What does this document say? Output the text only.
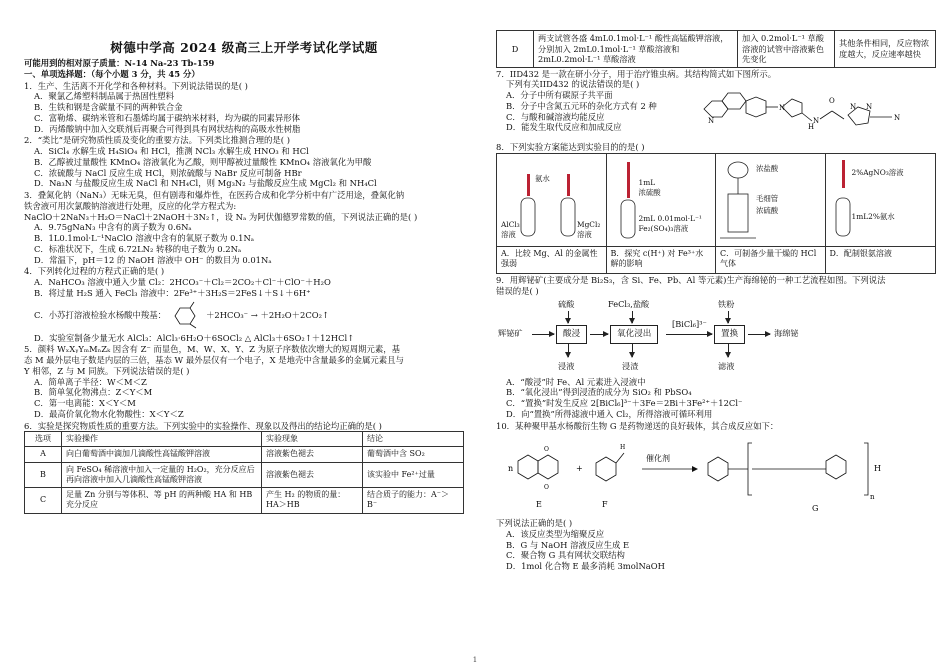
树德中学高 2024 级高三上开学考试化学试题

可能用到的相对原子质量：N-14 Na-23 Tb-159

一、单项选择题：（每个小题 3 分，共 45 分）

1．生产、生活离不开化学和各种材料。下列说法错误的是( )

A．聚氯乙烯塑料制品属于热固性塑料

B．生铁和钢是含碳量不同的两种铁合金

C．富勒烯、碳纳米管和石墨烯均属于碳纳米材料，均为碳的同素异形体

D．丙烯酸钠中加入交联剂后再聚合可得到具有网状结构的高吸水性树脂

2．“类比”是研究物质性质及变化的重要方法。下列类比推测合理的是( )

A．SiCl₄ 水解生成 H₄SiO₄ 和 HCl，推测 NCl₃ 水解生成 HNO₃ 和 HCl

B．乙醇被过量酸性 KMnO₄ 溶液氧化为乙酸，则甲醇被过量酸性 KMnO₄ 溶液氧化为甲酸

C．浓硫酸与 NaCl 反应生成 HCl，则浓硫酸与 NaBr 反应可制备 HBr

D．Na₃N 与盐酸反应生成 NaCl 和 NH₄Cl，则 Mg₃N₂ 与盐酸反应生成 MgCl₂ 和 NH₄Cl

3．叠氮化钠（NaN₃）无味无臭，但有剧毒和爆炸性，在医药合成和化学分析中有广泛用途，叠氮化钠

铁舍液可用次氯酸钠溶液进行处理，反应的化学方程式为:

NaClO＋2NaN₃＋H₂O＝NaCl＋2NaOH＋3N₂↑，设 Nₐ 为阿伏伽德罗常数的值，下列说法正确的是( )

A．9.75gNaN₃ 中含有的离子数为 0.6Nₐ

B．1L0.1mol·L⁻¹NaClO 溶液中含有的氧原子数为 0.1Nₐ

C．标准状况下，生成 6.72LN₂ 转移的电子数为 0.2Nₐ

D．常温下，pH＝12 的 NaOH 溶液中 OH⁻ 的数目为 0.01Nₐ

4．下列转化过程的方程式正确的是( )

A．NaHCO₃ 溶液中通入少量 Cl₂：2HCO₃⁻＋Cl₂＝2CO₂＋Cl⁻＋ClO⁻＋H₂O

B．将过量 H₂S 通入 FeCl₃ 溶液中：2Fe³⁺＋3H₂S＝2FeS↓＋S↓＋6H⁺

C．小苏打溶液检验水杨酸中羧基：	＋2HCO₃⁻ → ＋2H₂O＋2CO₂↑

D．实验室制备少量无水 AlCl₃：AlCl₃·6H₂O＋6SOCl₂ △ AlCl₃＋6SO₂↑＋12HCl↑

5．颜料 WₓXᵧYₘMₙZₖ 因含有 Z⁻ 而显色，M、W、X、Y、Z 为原子序数依次增大的短周期元素，基

态 M 最外层电子数是内层的三倍，基态 W 最外层仅有一个电子，X 是地壳中含量最多的金属元素且与

Y 相邻，Z 与 M 同族。下列说法错误的是( )

A．简单离子半径：W＜M＜Z

B．简单氢化物沸点：Z＜Y＜M

C．第一电离能：X＜Y＜M

D．最高价氧化物水化物酸性：X＜Y＜Z

6．实验是探究物质性质的重要方法。下列实验中的实验操作、现象以及得出的结论均正确的是( )

选项	实验操作	实验现象	结论
A	向白葡萄酒中滴加几滴酸性高锰酸钾溶液	溶液紫色褪去	葡萄酒中含 SO₂
B	向 FeSO₄ 稀溶液中加入一定量的 H₂O₂，充分反应后再向溶液中加入几滴酸性高锰酸钾溶液	溶液紫色褪去	该实验中 Fe²⁺过量
C	足量 Zn 分别与等体积、等 pH 的两种酸 HA 和 HB 充分反应	产生 H₂ 的物质的量：HA＞HB	结合质子的能力：A⁻＞B⁻
D	两支试管各盛 4mL0.1mol·L⁻¹ 酸性高锰酸钾溶液，分别加入 2mL0.1mol·L⁻¹ 草酸溶液和 2mL0.2mol·L⁻¹ 草酸溶液	加入 0.2mol·L⁻¹ 草酸溶液的试管中溶液紫色先变化	其他条件相同，反应物浓度越大，反应速率越快

7．IID432 是一款在研小分子，用于治疗锥虫病。其结构简式如下图所示。

下列有关IID432 的说法错误的是( )

A．分子中所有碳原子共平面

B．分子中含氮五元环的杂化方式有 2 种

C．与酸和碱溶液均能反应

D．能发生取代反应和加成反应

N
N
H
N
O
N N
N

8．下列实验方案能达到实验目的的是( )

氨水
AlCl₃
溶液
MgCl₂
溶液
A．比较 Mg、Al 的金属性强弱
1mL
浓硫酸
2mL 0.01mol·L⁻¹
Fe₂(SO₄)₃溶液
B．探究 c(H⁺) 对 Fe³⁺水解的影响
浓盐酸
毛细管
浓硫酸
C．可制备少量干燥的 HCl 气体
2%AgNO₃溶液
1mL2%氨水
D．配制银氨溶液

9．用辉铋矿(主要成分是 Bi₂S₃，含 Si、Fe、Pb、Al 等元素)生产海绵铋的一种工艺流程如图。下列说法

错误的是( )

辉铋矿	酸浸
硫酸
浸液
氧化浸出
FeCl₃,盐酸
浸渣
[BiCl₆]³⁻
置换
铁粉
滤液
海绵铋

A．“酸浸”时 Fe、Al 元素进入浸液中

B．“氧化浸出”得到浸渣的成分为 SiO₂ 和 PbSO₄

C．“置换”时发生反应 2[BiCl₆]³⁻＋3Fe＝2Bi＋3Fe²⁺＋12Cl⁻

D．向“置换”所得滤液中通入 Cl₂，所得溶液可循环利用

10．某种聚甲基水杨酸衍生物 G 是药物递送的良好载体，其合成反应如下：

n
O
O
E
+
H
F
催化剂
n
H
G

下列说法正确的是( )

A．该反应类型为缩聚反应

B．G 与 NaOH 溶液反应生成 E

C．聚合物 G 具有网状交联结构

D．1mol 化合物 E 最多消耗 3molNaOH

1
